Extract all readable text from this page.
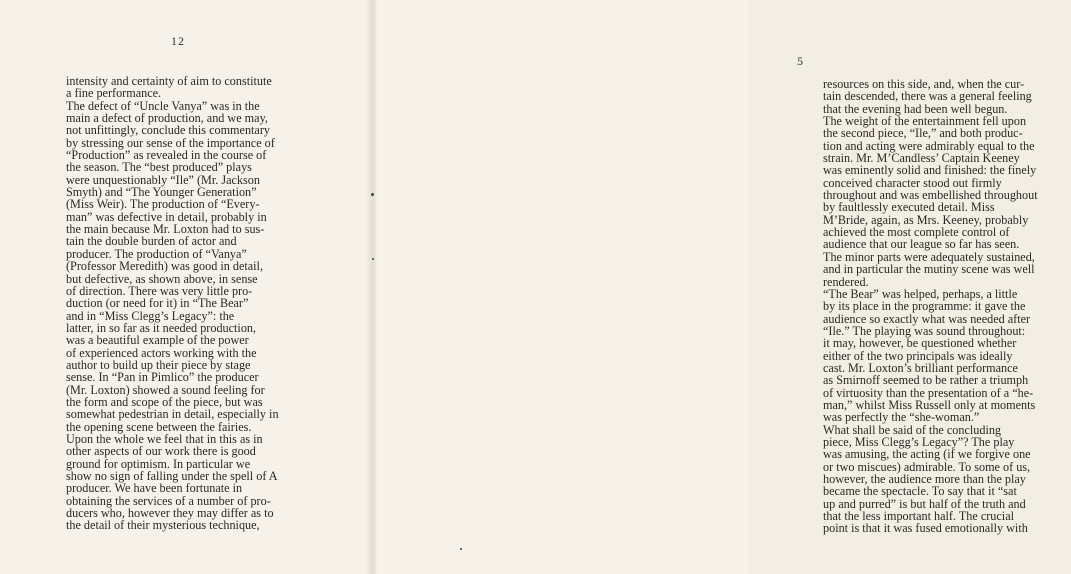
12
intensity and certainty of aim to constitute
a fine performance.
The defect of “Uncle Vanya” was in the
main a defect of production, and we may,
not unfittingly, conclude this commentary
by stressing our sense of the importance of
“Production” as revealed in the course of
the season. The “best produced” plays
were unquestionably “Ile” (Mr. Jackson
Smyth) and “The Younger Generation”
(Miss Weir). The production of “Every-
man” was defective in detail, probably in
the main because Mr. Loxton had to sus-
tain the double burden of actor and
producer. The production of “Vanya”
(Professor Meredith) was good in detail,
but defective, as shown above, in sense
of direction. There was very little pro-
duction (or need for it) in “The Bear”
and in “Miss Clegg’s Legacy”: the
latter, in so far as it needed production,
was a beautiful example of the power
of experienced actors working with the
author to build up their piece by stage
sense. In “Pan in Pimlico” the producer
(Mr. Loxton) showed a sound feeling for
the form and scope of the piece, but was
somewhat pedestrian in detail, especially in
the opening scene between the fairies.
Upon the whole we feel that in this as in
other aspects of our work there is good
ground for optimism. In particular we
show no sign of falling under the spell of A
producer. We have been fortunate in
obtaining the services of a number of pro-
ducers who, however they may differ as to
the detail of their mysterious technique,
5
resources on this side, and, when the cur-
tain descended, there was a general feeling
that the evening had been well begun.
The weight of the entertainment fell upon
the second piece, “Ile,” and both produc-
tion and acting were admirably equal to the
strain. Mr. M’Candless’ Captain Keeney
was eminently solid and finished: the finely
conceived character stood out firmly
throughout and was embellished throughout
by faultlessly executed detail. Miss
M’Bride, again, as Mrs. Keeney, probably
achieved the most complete control of
audience that our league so far has seen.
The minor parts were adequately sustained,
and in particular the mutiny scene was well
rendered.
“The Bear” was helped, perhaps, a little
by its place in the programme: it gave the
audience so exactly what was needed after
“Ile.” The playing was sound throughout:
it may, however, be questioned whether
either of the two principals was ideally
cast. Mr. Loxton’s brilliant performance
as Smirnoff seemed to be rather a triumph
of virtuosity than the presentation of a “he-
man,” whilst Miss Russell only at moments
was perfectly the “she-woman.”
What shall be said of the concluding
piece, Miss Clegg’s Legacy”? The play
was amusing, the acting (if we forgive one
or two miscues) admirable. To some of us,
however, the audience more than the play
became the spectacle. To say that it “sat
up and purred” is but half of the truth and
that the less important half. The crucial
point is that it was fused emotionally with
